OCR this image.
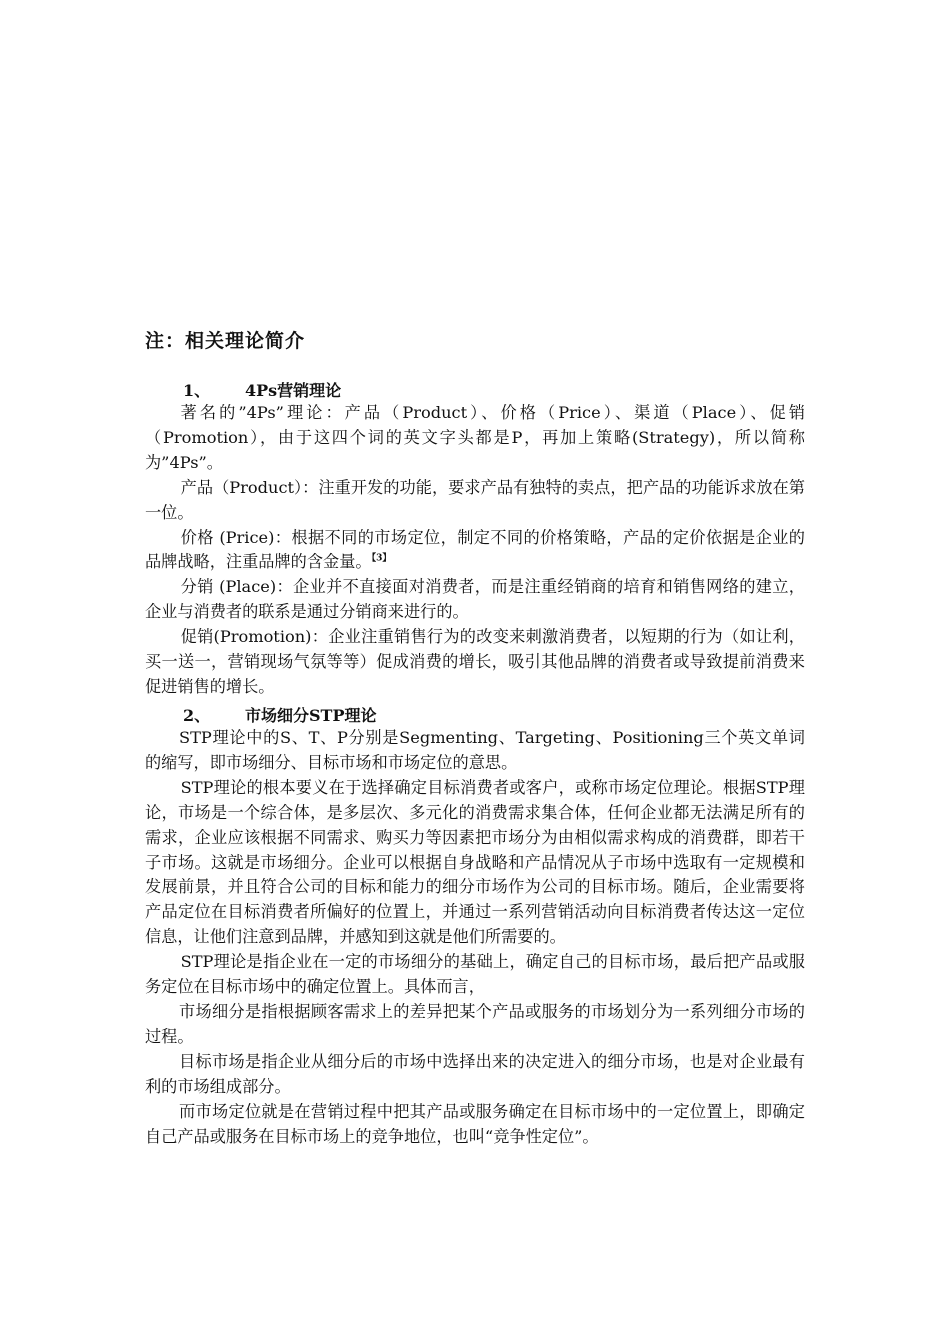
注：相关理论简介
1、 4Ps营销理论

著名的”4Ps”理论：产品（Product）、价格（Price）、渠道（Place）、促销（Promotion），由于这四个词的英文字头都是P，再加上策略(Strategy)，所以简称为”4Ps”。

产品（Product）：注重开发的功能，要求产品有独特的卖点，把产品的功能诉求放在第一位。

价格 (Price)：根据不同的市场定位，制定不同的价格策略，产品的定价依据是企业的品牌战略，注重品牌的含金量。$^{【3】}$

分销 (Place)：企业并不直接面对消费者，而是注重经销商的培育和销售网络的建立，企业与消费者的联系是通过分销商来进行的。

促销(Promotion)：企业注重销售行为的改变来刺激消费者，以短期的行为（如让利，买一送一，营销现场气氛等等）促成消费的增长，吸引其他品牌的消费者或导致提前消费来促进销售的增长。

2、 市场细分STP理论

STP理论中的S、T、P分别是Segmenting、Targeting、Positioning三个英文单词的缩写，即市场细分、目标市场和市场定位的意思。

STP理论的根本要义在于选择确定目标消费者或客户，或称市场定位理论。根据STP理论，市场是一个综合体，是多层次、多元化的消费需求集合体，任何企业都无法满足所有的需求，企业应该根据不同需求、购买力等因素把市场分为由相似需求构成的消费群，即若干子市场。这就是市场细分。企业可以根据自身战略和产品情况从子市场中选取有一定规模和发展前景，并且符合公司的目标和能力的细分市场作为公司的目标市场。随后，企业需要将产品定位在目标消费者所偏好的位置上，并通过一系列营销活动向目标消费者传达这一定位信息，让他们注意到品牌，并感知到这就是他们所需要的。

STP理论是指企业在一定的市场细分的基础上，确定自己的目标市场，最后把产品或服务定位在目标市场中的确定位置上。具体而言，

市场细分是指根据顾客需求上的差异把某个产品或服务的市场划分为一系列细分市场的过程。

目标市场是指企业从细分后的市场中选择出来的决定进入的细分市场，也是对企业最有利的市场组成部分。

而市场定位就是在营销过程中把其产品或服务确定在目标市场中的一定位置上，即确定自己产品或服务在目标市场上的竞争地位，也叫“竞争性定位”。
